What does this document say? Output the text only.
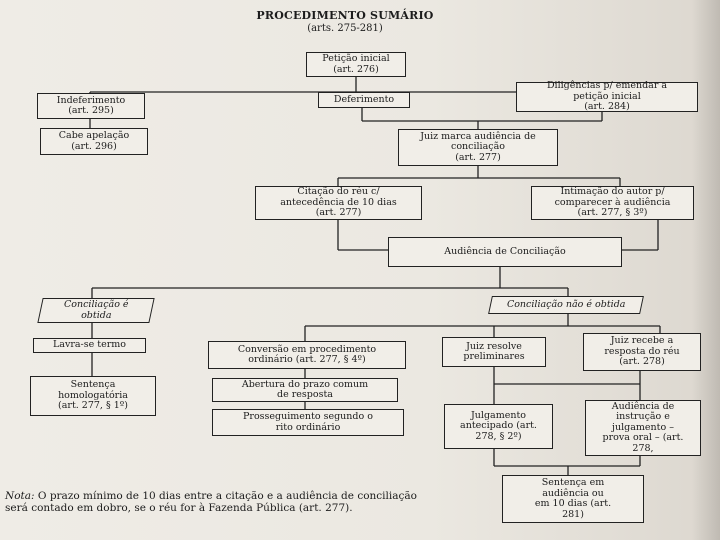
PROCEDIMENTO SUMÁRIO
(arts. 275-281)
Petição inicial
(art. 276)
Indeferimento
(art. 295)
Deferimento
Diligências p/ emendar a
petição inicial
(art. 284)
Cabe apelação
(art. 296)
Juiz marca audiência de
conciliação
(art. 277)
Citação do réu c/
antecedência de 10 dias
(art. 277)
Intimação do autor p/
comparecer à audiência
(art. 277, § 3º)
Audiência de Conciliação
Conciliação é
obtida
Conciliação não é obtida
Lavra-se termo
Sentença
homologatória
(art. 277, § 1º)
Conversão em procedimento
ordinário (art. 277, § 4º)
Abertura do prazo comum
de resposta
Prosseguimento segundo o
rito ordinário
Juiz resolve
preliminares
Juiz recebe a
resposta do réu
(art. 278)
Julgamento
antecipado (art.
278, § 2º)
Audiência de
instrução e
julgamento –
prova oral – (art.
278,
Sentença em
audiência ou
em 10 dias (art.
281)
Nota: O prazo mínimo de 10 dias entre a citação e a audiência de conciliação será contado em dobro, se o réu for à Fazenda Pública (art. 277).
